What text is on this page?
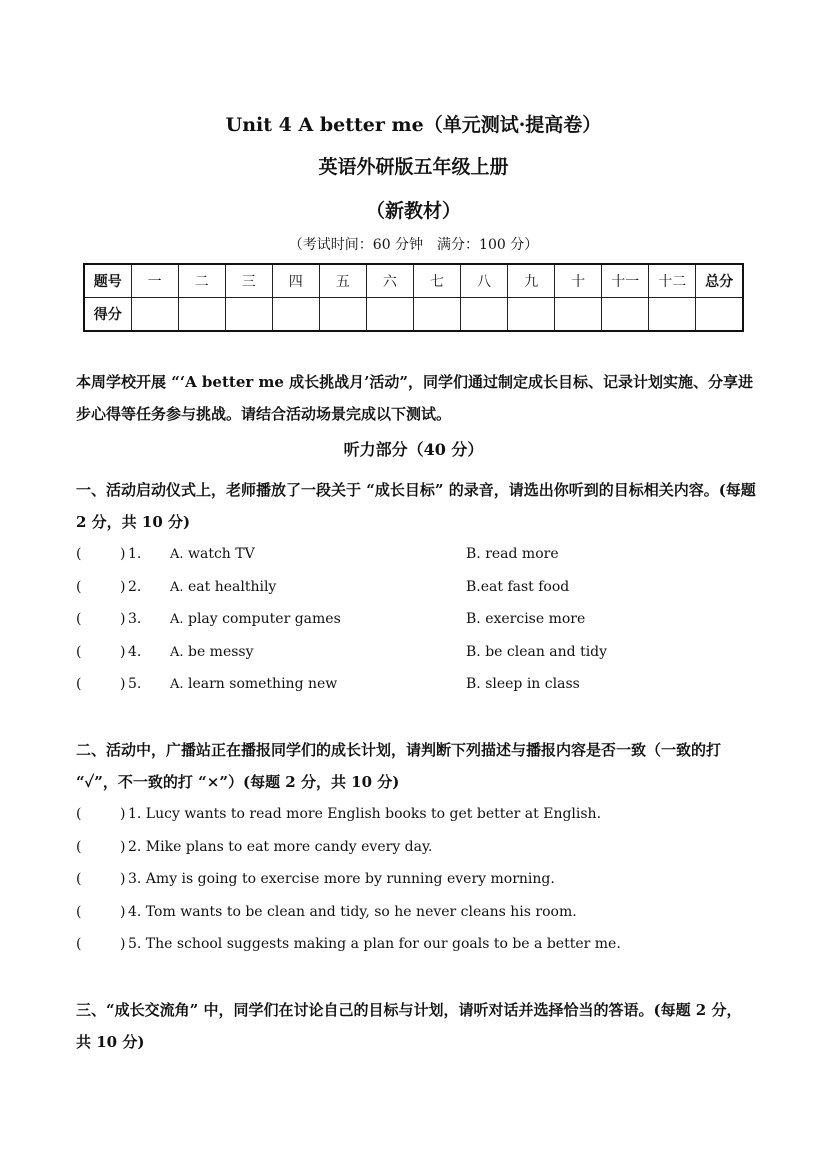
Unit 4 A better me（单元测试·提高卷）
英语外研版五年级上册
（新教材）
（考试时间：60 分钟　满分：100 分）
题号	一	二	三	四	五	六	七	八	九	十	十一	十二	总分
得分													
本周学校开展 “‘A better me 成长挑战月’活动”，同学们通过制定成长目标、记录计划实施、分享进步心得等任务参与挑战。请结合活动场景完成以下测试。
听力部分（40 分）
一、活动启动仪式上，老师播放了一段关于 “成长目标” 的录音，请选出你听到的目标相关内容。(每题 2 分，共 10 分)
(	) 1. A. watch TV	B. read more
(	) 2. A. eat healthily	B.eat fast food
(	) 3. A. play computer games	B. exercise more
(	) 4. A. be messy	B. be clean and tidy
(	) 5. A. learn something new	B. sleep in class
二、活动中，广播站正在播报同学们的成长计划，请判断下列描述与播报内容是否一致（一致的打 “✓”，不一致的打 “×”）(每题 2 分，共 10 分)
(	) 1. Lucy wants to read more English books to get better at English.
(	) 2. Mike plans to eat more candy every day.
(	) 3. Amy is going to exercise more by running every morning.
(	) 4. Tom wants to be clean and tidy, so he never cleans his room.
(	) 5. The school suggests making a plan for our goals to be a better me.
三、“成长交流角” 中，同学们在讨论自己的目标与计划，请听对话并选择恰当的答语。(每题 2 分，共 10 分)
